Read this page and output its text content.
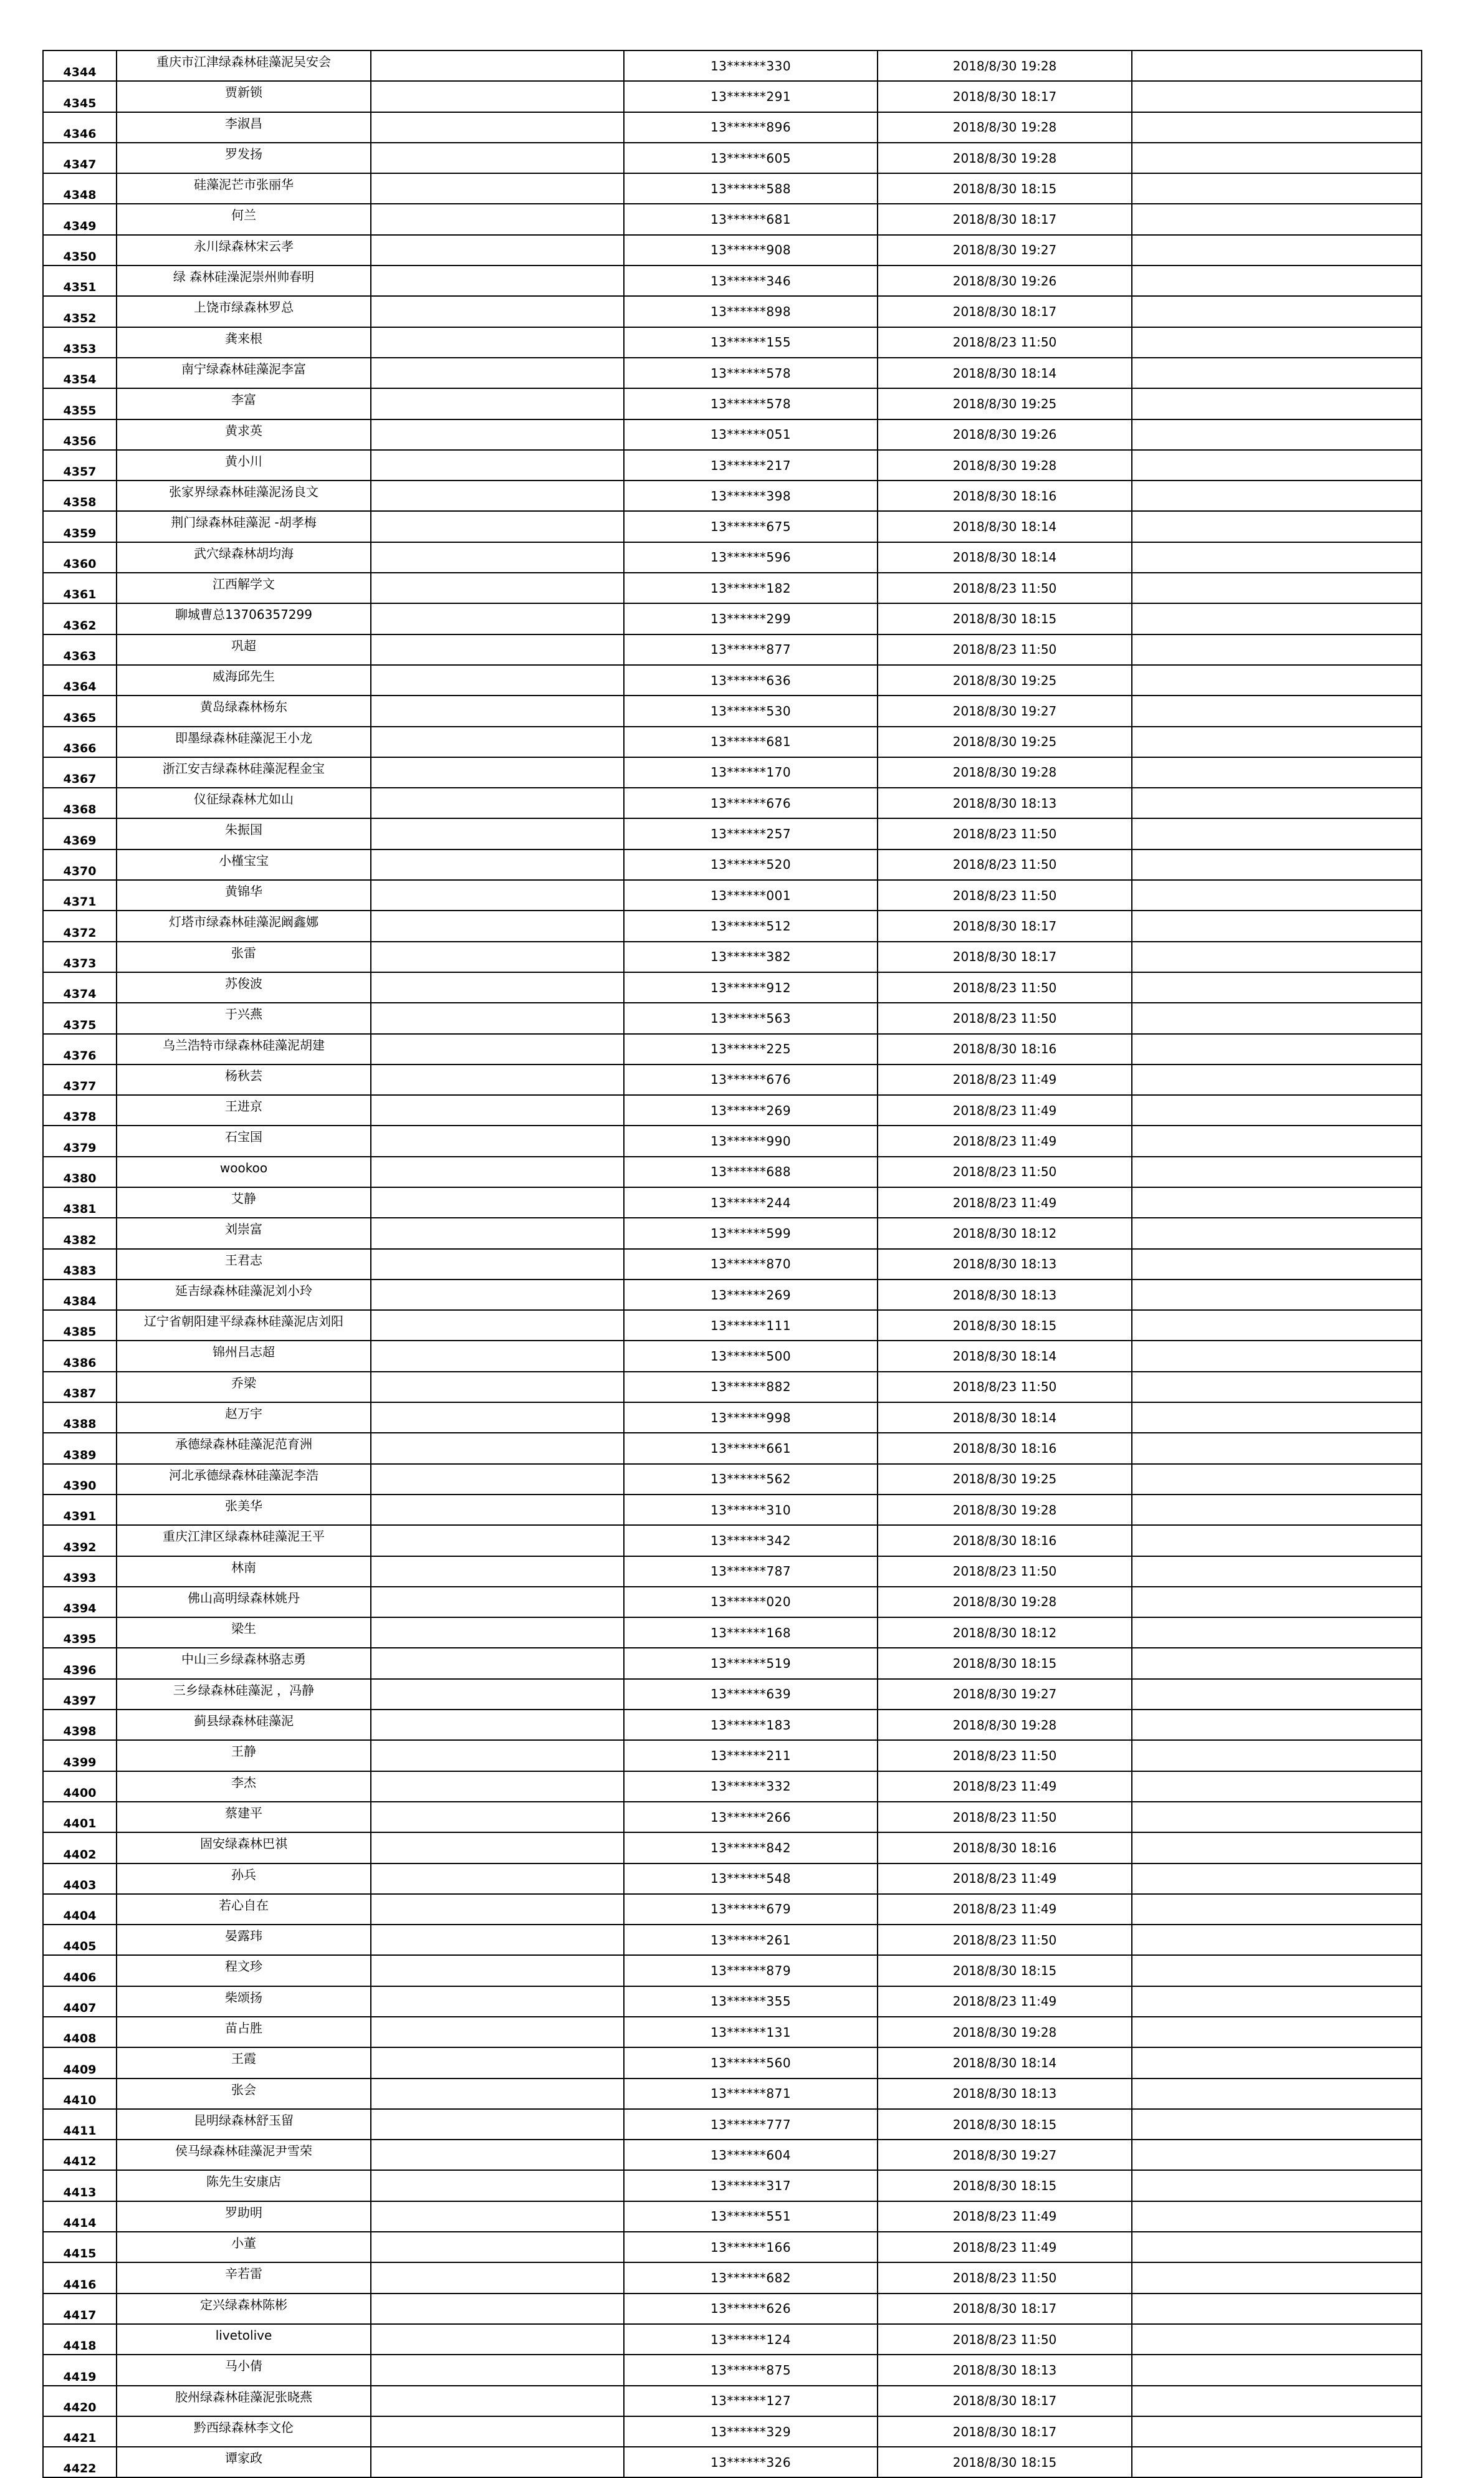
4344	重庆市江津绿森林硅藻泥吴安会		13******330	2018/8/30 19:28	
4345	贾新锁		13******291	2018/8/30 18:17	
4346	李淑昌		13******896	2018/8/30 19:28	
4347	罗发扬		13******605	2018/8/30 19:28	
4348	硅藻泥芒市张丽华		13******588	2018/8/30 18:15	
4349	何兰		13******681	2018/8/30 18:17	
4350	永川绿森林宋云孝		13******908	2018/8/30 19:27	
4351	绿 森林硅澡泥崇州帅春明		13******346	2018/8/30 19:26	
4352	上饶市绿森林罗总		13******898	2018/8/30 18:17	
4353	龚来根		13******155	2018/8/23 11:50	
4354	南宁绿森林硅藻泥李富		13******578	2018/8/30 18:14	
4355	李富		13******578	2018/8/30 19:25	
4356	黄求英		13******051	2018/8/30 19:26	
4357	黄小川		13******217	2018/8/30 19:28	
4358	张家界绿森林硅藻泥汤良文		13******398	2018/8/30 18:16	
4359	荆门绿森林硅藻泥 -胡孝梅		13******675	2018/8/30 18:14	
4360	武穴绿森林胡均海		13******596	2018/8/30 18:14	
4361	江西解学文		13******182	2018/8/23 11:50	
4362	聊城曹总13706357299		13******299	2018/8/30 18:15	
4363	巩超		13******877	2018/8/23 11:50	
4364	威海邱先生		13******636	2018/8/30 19:25	
4365	黄岛绿森林杨东		13******530	2018/8/30 19:27	
4366	即墨绿森林硅藻泥王小龙		13******681	2018/8/30 19:25	
4367	浙江安吉绿森林硅藻泥程金宝		13******170	2018/8/30 19:28	
4368	仪征绿森林尤如山		13******676	2018/8/30 18:13	
4369	朱振国		13******257	2018/8/23 11:50	
4370	小槿宝宝		13******520	2018/8/23 11:50	
4371	黄锦华		13******001	2018/8/23 11:50	
4372	灯塔市绿森林硅藻泥阚鑫娜		13******512	2018/8/30 18:17	
4373	张雷		13******382	2018/8/30 18:17	
4374	苏俊波		13******912	2018/8/23 11:50	
4375	于兴燕		13******563	2018/8/23 11:50	
4376	乌兰浩特市绿森林硅藻泥胡建		13******225	2018/8/30 18:16	
4377	杨秋芸		13******676	2018/8/23 11:49	
4378	王进京		13******269	2018/8/23 11:49	
4379	石宝国		13******990	2018/8/23 11:49	
4380	wookoo		13******688	2018/8/23 11:50	
4381	艾静		13******244	2018/8/23 11:49	
4382	刘崇富		13******599	2018/8/30 18:12	
4383	王君志		13******870	2018/8/30 18:13	
4384	延吉绿森林硅藻泥刘小玲		13******269	2018/8/30 18:13	
4385	辽宁省朝阳建平绿森林硅藻泥店刘阳		13******111	2018/8/30 18:15	
4386	锦州吕志超		13******500	2018/8/30 18:14	
4387	乔梁		13******882	2018/8/23 11:50	
4388	赵万宇		13******998	2018/8/30 18:14	
4389	承德绿森林硅藻泥范育洲		13******661	2018/8/30 18:16	
4390	河北承德绿森林硅藻泥李浩		13******562	2018/8/30 19:25	
4391	张美华		13******310	2018/8/30 19:28	
4392	重庆江津区绿森林硅藻泥王平		13******342	2018/8/30 18:16	
4393	林南		13******787	2018/8/23 11:50	
4394	佛山高明绿森林姚丹		13******020	2018/8/30 19:28	
4395	梁生		13******168	2018/8/30 18:12	
4396	中山三乡绿森林骆志勇		13******519	2018/8/30 18:15	
4397	三乡绿森林硅藻泥 ，冯静		13******639	2018/8/30 19:27	
4398	蓟县绿森林硅藻泥		13******183	2018/8/30 19:28	
4399	王静		13******211	2018/8/23 11:50	
4400	李杰		13******332	2018/8/23 11:49	
4401	蔡建平		13******266	2018/8/23 11:50	
4402	固安绿森林巴祺		13******842	2018/8/30 18:16	
4403	孙兵		13******548	2018/8/23 11:49	
4404	若心自在		13******679	2018/8/23 11:49	
4405	晏露玮		13******261	2018/8/23 11:50	
4406	程文珍		13******879	2018/8/30 18:15	
4407	柴颂扬		13******355	2018/8/23 11:49	
4408	苗占胜		13******131	2018/8/30 19:28	
4409	王霞		13******560	2018/8/30 18:14	
4410	张会		13******871	2018/8/30 18:13	
4411	昆明绿森林舒玉留		13******777	2018/8/30 18:15	
4412	侯马绿森林硅藻泥尹雪荣		13******604	2018/8/30 19:27	
4413	陈先生安康店		13******317	2018/8/30 18:15	
4414	罗助明		13******551	2018/8/23 11:49	
4415	小董		13******166	2018/8/23 11:49	
4416	辛若雷		13******682	2018/8/23 11:50	
4417	定兴绿森林陈彬		13******626	2018/8/30 18:17	
4418	livetolive		13******124	2018/8/23 11:50	
4419	马小倩		13******875	2018/8/30 18:13	
4420	胶州绿森林硅藻泥张晓燕		13******127	2018/8/30 18:17	
4421	黔西绿森林李文伦		13******329	2018/8/30 18:17	
4422	谭家政		13******326	2018/8/30 18:15	
